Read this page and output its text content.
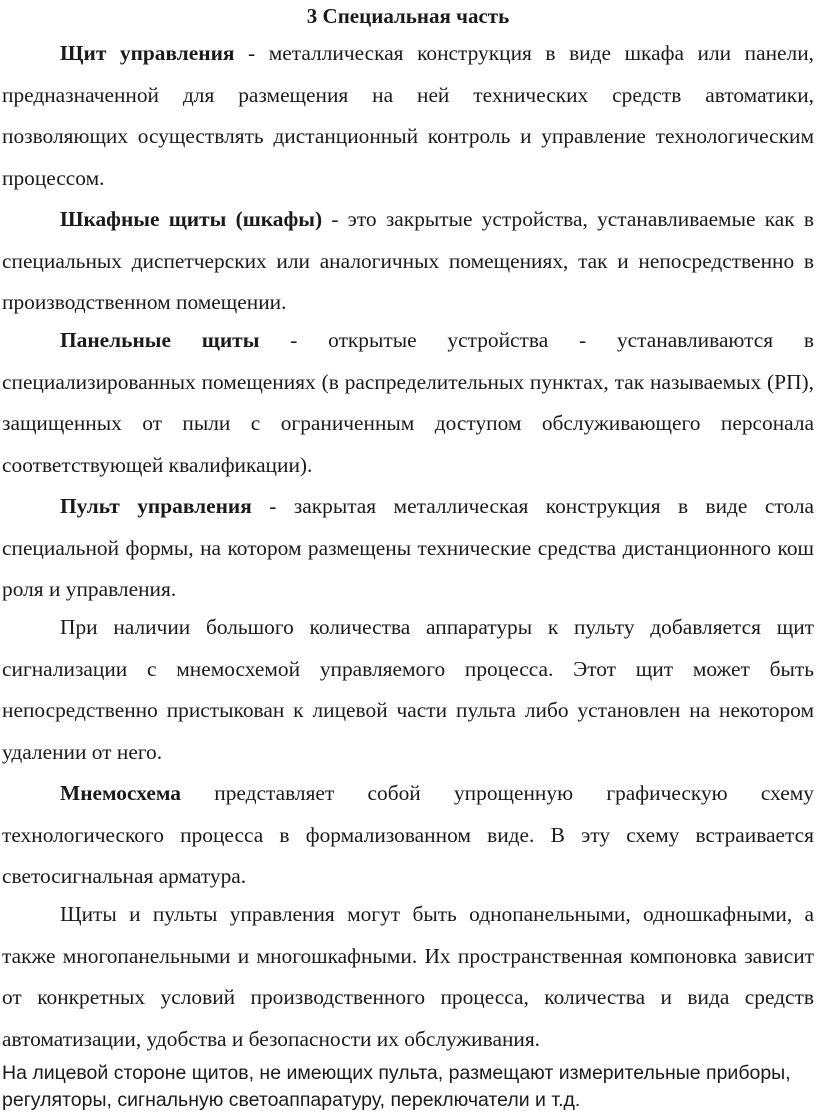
3 Специальная часть

Щит управления - металлическая конструкция в виде шкафа или панели, предназначенной для размещения на ней технических средств автоматики, позволяющих осуществлять дистанционный контроль и управление технологическим процессом.

Шкафные щиты (шкафы) - это закрытые устройства, устанавливаемые как в специальных диспетчерских или аналогичных помещениях, так и непосредственно в производственном помещении.

Панельные щиты - открытые устройства - устанавливаются в специализированных помещениях (в распределительных пунктах, так называемых (РП), защищенных от пыли с ограниченным доступом обслуживающего персонала соответствующей квалификации).

Пульт управления - закрытая металлическая конструкция в виде стола специальной формы, на котором размещены технические средства дистанционного кош роля и управления.

При наличии большого количества аппаратуры к пульту добавляется щит сигнализации с мнемосхемой управляемого процесса. Этот щит может быть непосредственно пристыкован к лицевой части пульта либо установлен на некотором удалении от него.

Мнемосхема представляет собой упрощенную графическую схему технологического процесса в формализованном виде. В эту схему встраивается светосигнальная арматура.

Щиты и пульты управления могут быть однопанельными, одношкафными, а также многопанельными и многошкафными. Их пространственная компоновка зависит от конкретных условий производственного процесса, количества и вида средств автоматизации, удобства и безопасности их обслуживания.

На лицевой стороне щитов, не имеющих пульта, размещают измерительные приборы, регуляторы, сигнальную светоаппаратуру, переключатели и т.д.
